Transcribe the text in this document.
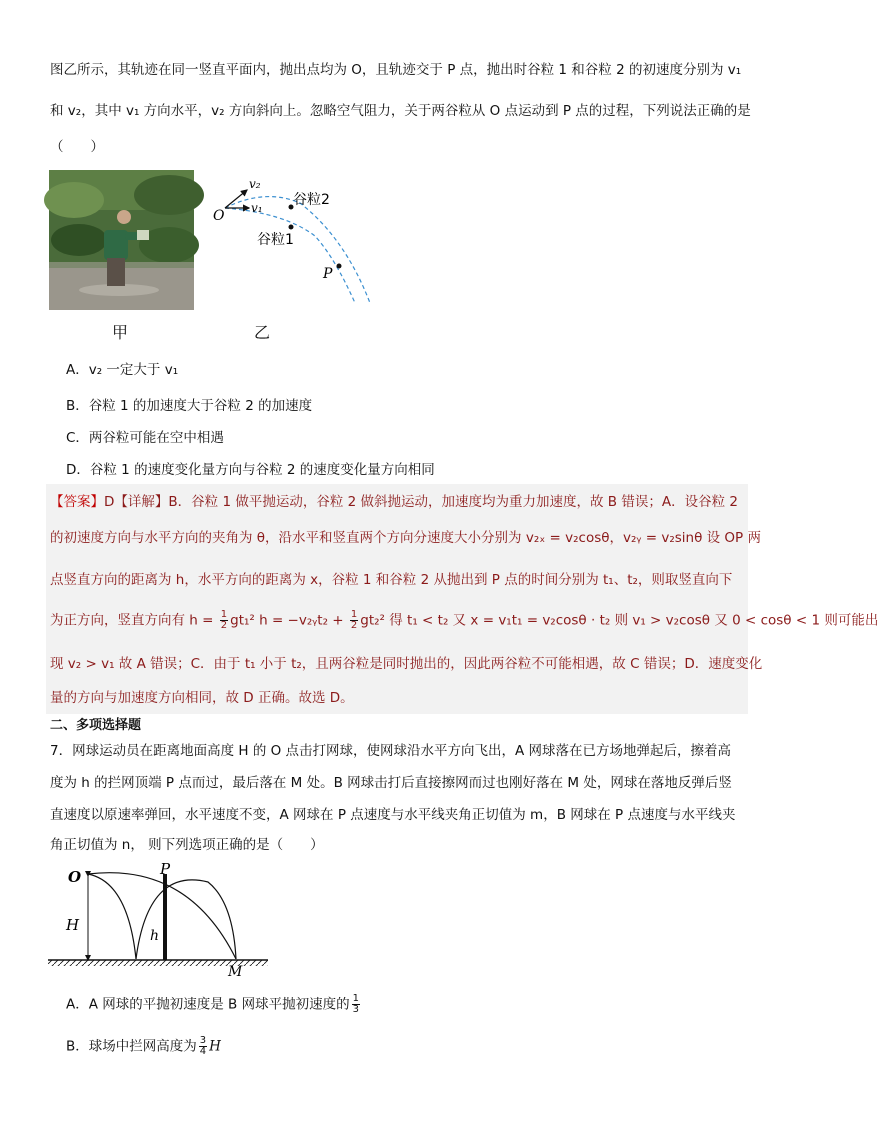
图乙所示，其轨迹在同一竖直平面内，抛出点均为 O，且轨迹交于 P 点，抛出时谷粒 1 和谷粒 2 的初速度分别为 v₁
和 v₂，其中 v₁ 方向水平，v₂ 方向斜向上。忽略空气阻力，关于两谷粒从 O 点运动到 P 点的过程，下列说法正确的是
（　　）
甲
O v₁
v₂
谷粒2
谷粒1
P
乙
A．v₂ 一定大于 v₁
B．谷粒 1 的加速度大于谷粒 2 的加速度
C．两谷粒可能在空中相遇
D．谷粒 1 的速度变化量方向与谷粒 2 的速度变化量方向相同
【答案】D【详解】B．谷粒 1 做平抛运动，谷粒 2 做斜抛运动，加速度均为重力加速度，故 B 错误；A．设谷粒 2
的初速度方向与水平方向的夹角为 θ，沿水平和竖直两个方向分速度大小分别为 v₂ₓ = v₂cosθ，v₂ᵧ = v₂sinθ 设 OP 两
点竖直方向的距离为 h，水平方向的距离为 x，谷粒 1 和谷粒 2 从抛出到 P 点的时间分别为 t₁、t₂，则取竖直向下
为正方向，竖直方向有 $h = \frac{1}{2} gt_1^2$ h = −v₂ᵧt₂ + $\frac{1}{2} gt_2^2$ 得 t₁ < t₂ 又 x = v₁t₁ = v₂cosθ · t₂ 则 v₁ > v₂cosθ 又 0 < cosθ < 1 则可能出
现 v₂ > v₁ 故 A 错误；C．由于 t₁ 小于 t₂，且两谷粒是同时抛出的，因此两谷粒不可能相遇，故 C 错误；D．速度变化
量的方向与加速度方向相同，故 D 正确。故选 D。
二、多项选择题
7．网球运动员在距离地面高度 H 的 O 点击打网球，使网球沿水平方向飞出，A 网球落在已方场地弹起后，擦着高
度为 h 的拦网顶端 P 点而过，最后落在 M 处。B 网球击打后直接擦网而过也刚好落在 M 处，网球在落地反弹后竖
直速度以原速率弹回，水平速度不变，A 网球在 P 点速度与水平线夹角正切值为 m，B 网球在 P 点速度与水平线夹
角正切值为 n， 则下列选项正确的是（　　）
O	P
H
h
M
A．A 网球的平抛初速度是 B 网球平抛初速度的 $\frac{1}{3}$
B．球场中拦网高度为 $\frac{3}{4}$ H
